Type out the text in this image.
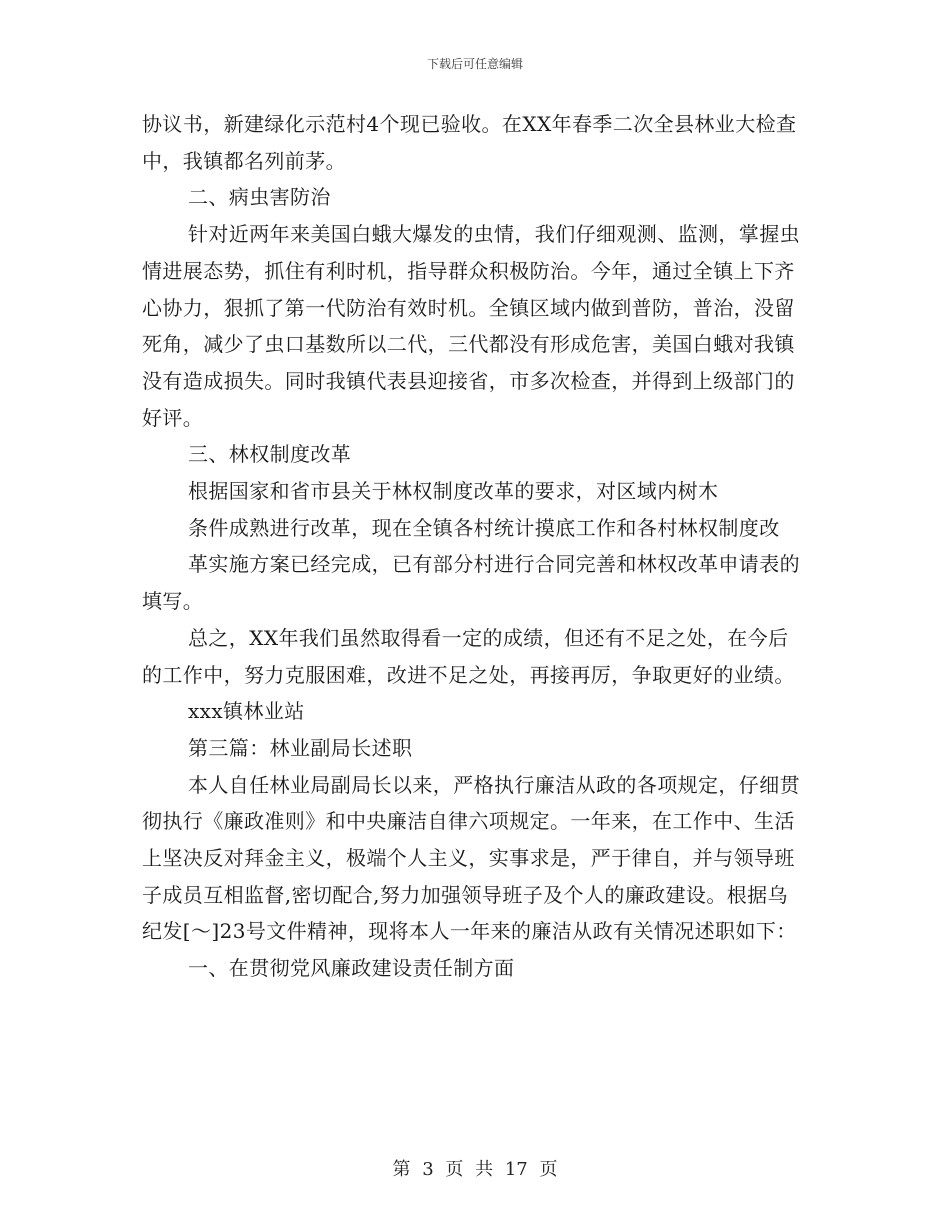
下载后可任意编辑

协议书，新建绿化示范村4个现已验收。在XX年春季二次全县林业大检查中，我镇都名列前茅。

二、病虫害防治

针对近两年来美国白蛾大爆发的虫情，我们仔细观测、监测，掌握虫情进展态势，抓住有利时机，指导群众积极防治。今年，通过全镇上下齐心协力，狠抓了第一代防治有效时机。全镇区域内做到普防，普治，没留死角，减少了虫口基数所以二代，三代都没有形成危害，美国白蛾对我镇没有造成损失。同时我镇代表县迎接省，市多次检查，并得到上级部门的好评。

三、林权制度改革

根据国家和省市县关于林权制度改革的要求，对区域内树木

条件成熟进行改革，现在全镇各村统计摸底工作和各村林权制度改

革实施方案已经完成，已有部分村进行合同完善和林权改革申请表的填写。

总之，XX年我们虽然取得看一定的成绩，但还有不足之处，在今后的工作中，努力克服困难，改进不足之处，再接再厉，争取更好的业绩。

xxx镇林业站

第三篇：林业副局长述职

本人自任林业局副局长以来，严格执行廉洁从政的各项规定，仔细贯彻执行《廉政准则》和中央廉洁自律六项规定。一年来，在工作中、生活上坚决反对拜金主义，极端个人主义，实事求是，严于律自，并与领导班子成员互相监督,密切配合,努力加强领导班子及个人的廉政建设。根据乌纪发[～]23号文件精神，现将本人一年来的廉洁从政有关情况述职如下：

一、在贯彻党风廉政建设责任制方面

第 3 页 共 17 页
